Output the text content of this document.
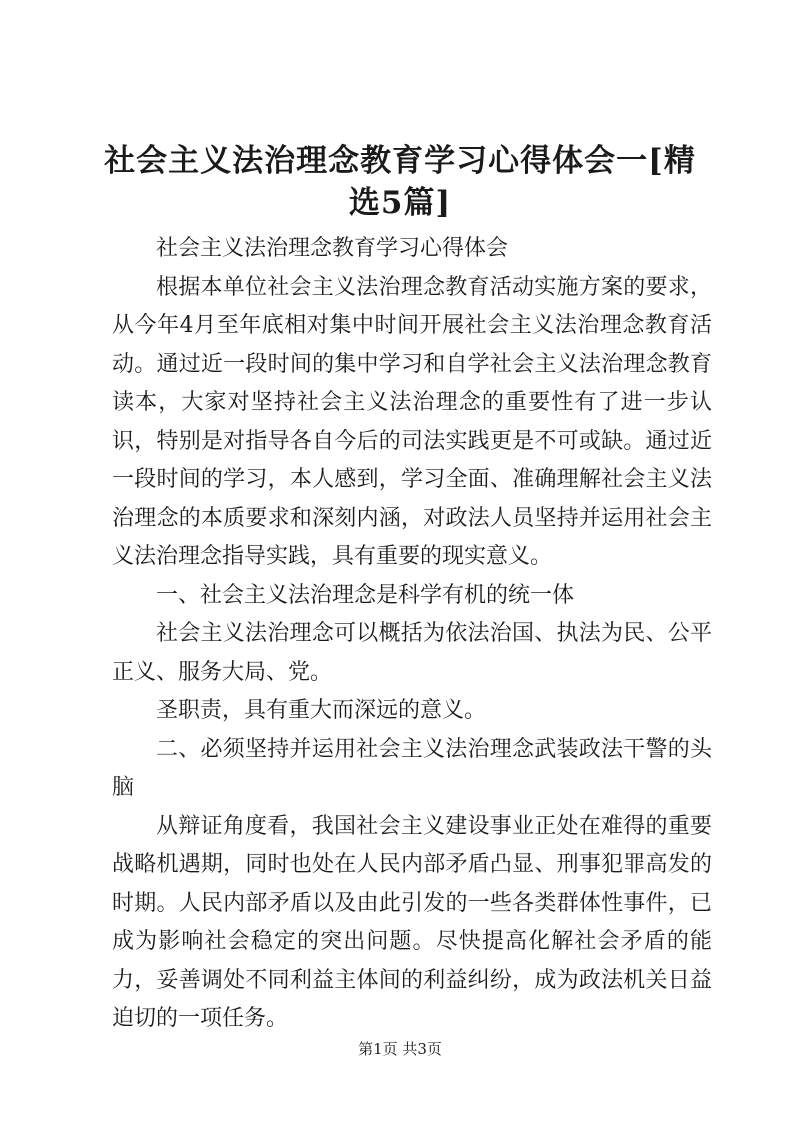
社会主义法治理念教育学习心得体会一[精选5篇]

社会主义法治理念教育学习心得体会

根据本单位社会主义法治理念教育活动实施方案的要求，从今年4月至年底相对集中时间开展社会主义法治理念教育活动。通过近一段时间的集中学习和自学社会主义法治理念教育读本，大家对坚持社会主义法治理念的重要性有了进一步认识，特别是对指导各自今后的司法实践更是不可或缺。通过近一段时间的学习，本人感到，学习全面、准确理解社会主义法治理念的本质要求和深刻内涵，对政法人员坚持并运用社会主义法治理念指导实践，具有重要的现实意义。

一、社会主义法治理念是科学有机的统一体

社会主义法治理念可以概括为依法治国、执法为民、公平正义、服务大局、党。

圣职责，具有重大而深远的意义。

二、必须坚持并运用社会主义法治理念武装政法干警的头脑

从辩证角度看，我国社会主义建设事业正处在难得的重要战略机遇期，同时也处在人民内部矛盾凸显、刑事犯罪高发的时期。人民内部矛盾以及由此引发的一些各类群体性事件，已成为影响社会稳定的突出问题。尽快提高化解社会矛盾的能力，妥善调处不同利益主体间的利益纠纷，成为政法机关日益迫切的一项任务。

第1页 共3页
